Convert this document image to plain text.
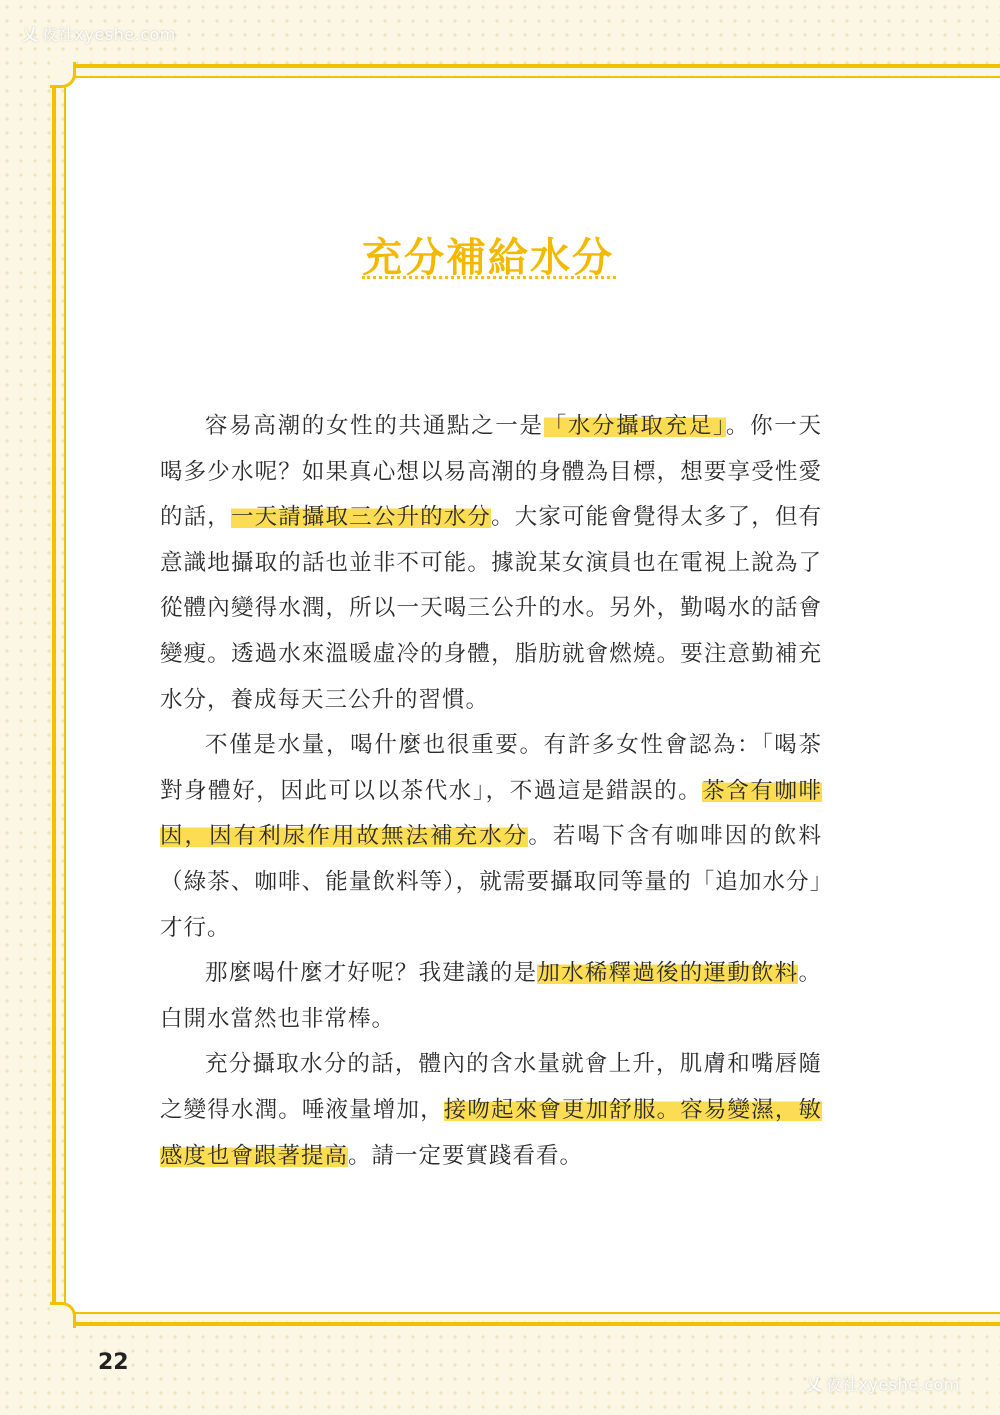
乂 夜社xyeshe.com
充分補給水分

容易高潮的女性的共通點之一是「水分攝取充足」。你一天喝多少水呢？如果真心想以易高潮的身體為目標，想要享受性愛的話，一天請攝取三公升的水分。大家可能會覺得太多了，但有意識地攝取的話也並非不可能。據說某女演員也在電視上說為了從體內變得水潤，所以一天喝三公升的水。另外，勤喝水的話會變瘦。透過水來溫暖虛冷的身體，脂肪就會燃燒。要注意勤補充水分，養成每天三公升的習慣。

不僅是水量，喝什麼也很重要。有許多女性會認為：「喝茶對身體好，因此可以以茶代水」，不過這是錯誤的。茶含有咖啡因，因有利尿作用故無法補充水分。若喝下含有咖啡因的飲料（綠茶、咖啡、能量飲料等），就需要攝取同等量的「追加水分」才行。

那麼喝什麼才好呢？我建議的是加水稀釋過後的運動飲料。白開水當然也非常棒。

充分攝取水分的話，體內的含水量就會上升，肌膚和嘴唇隨之變得水潤。唾液量增加，接吻起來會更加舒服。容易變濕，敏感度也會跟著提高。請一定要實踐看看。

22
乂 夜社xyeshe.com
